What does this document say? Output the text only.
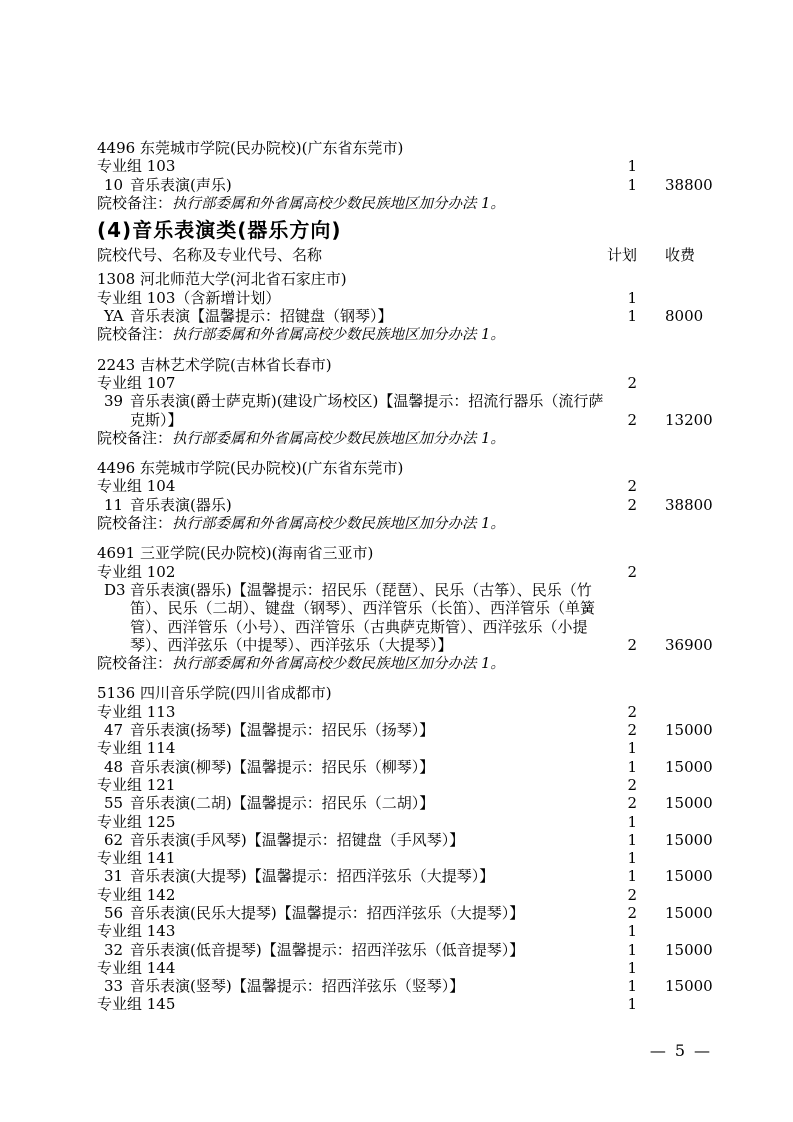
4496 东莞城市学院(民办院校)(广东省东莞市)
专业组 103	1
10 音乐表演(声乐)	1	38800
院校备注：执行部委属和外省属高校少数民族地区加分办法 1。
(4)音乐表演类(器乐方向)
院校代号、名称及专业代号、名称	计划	收费
1308 河北师范大学(河北省石家庄市)
专业组 103（含新增计划）	1
YA 音乐表演【温馨提示：招键盘（钢琴）】	1	8000
院校备注：执行部委属和外省属高校少数民族地区加分办法 1。
2243 吉林艺术学院(吉林省长春市)
专业组 107	2
39 音乐表演(爵士萨克斯)(建设广场校区)【温馨提示：招流行器乐（流行萨克斯）】	2	13200
院校备注：执行部委属和外省属高校少数民族地区加分办法 1。
4496 东莞城市学院(民办院校)(广东省东莞市)
专业组 104	2
11 音乐表演(器乐)	2	38800
院校备注：执行部委属和外省属高校少数民族地区加分办法 1。
4691 三亚学院(民办院校)(海南省三亚市)
专业组 102	2
D3 音乐表演(器乐)【温馨提示：招民乐（琵琶）、民乐（古筝）、民乐（竹笛）、民乐（二胡）、键盘（钢琴）、西洋管乐（长笛）、西洋管乐（单簧管）、西洋管乐（小号）、西洋管乐（古典萨克斯管）、西洋弦乐（小提琴）、西洋弦乐（中提琴）、西洋弦乐（大提琴）】	2	36900
院校备注：执行部委属和外省属高校少数民族地区加分办法 1。
5136 四川音乐学院(四川省成都市)
专业组 113	2
47 音乐表演(扬琴)【温馨提示：招民乐（扬琴）】	2	15000
专业组 114	1
48 音乐表演(柳琴)【温馨提示：招民乐（柳琴）】	1	15000
专业组 121	2
55 音乐表演(二胡)【温馨提示：招民乐（二胡）】	2	15000
专业组 125	1
62 音乐表演(手风琴)【温馨提示：招键盘（手风琴）】	1	15000
专业组 141	1
31 音乐表演(大提琴)【温馨提示：招西洋弦乐（大提琴）】	1	15000
专业组 142	2
56 音乐表演(民乐大提琴)【温馨提示：招西洋弦乐（大提琴）】	2	15000
专业组 143	1
32 音乐表演(低音提琴)【温馨提示：招西洋弦乐（低音提琴）】	1	15000
专业组 144	1
33 音乐表演(竖琴)【温馨提示：招西洋弦乐（竖琴）】	1	15000
专业组 145	1
— 5 —
